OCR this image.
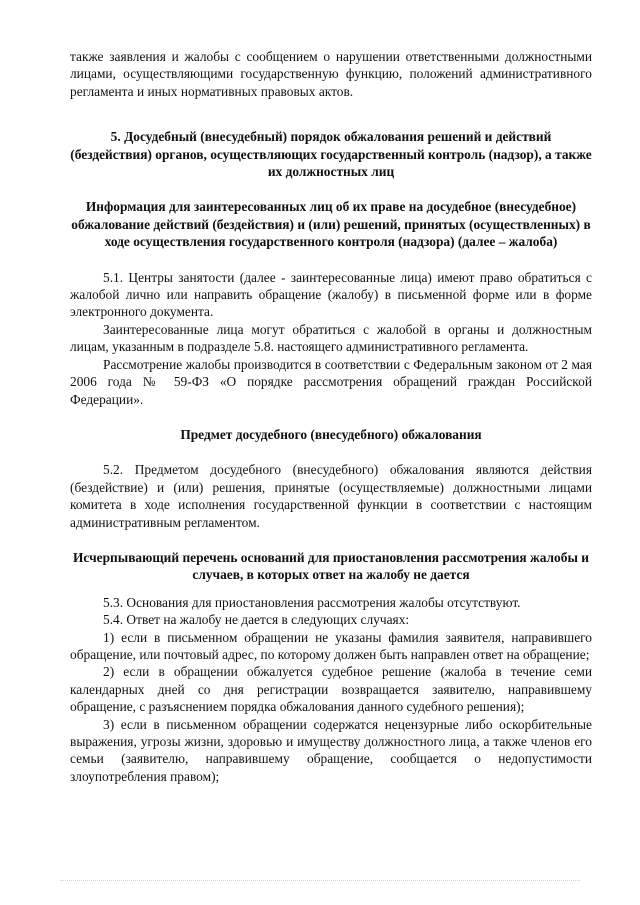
также заявления и жалобы с сообщением о нарушении ответственными должностными лицами, осуществляющими государственную функцию, положений административного регламента и иных нормативных правовых актов.

5. Досудебный (внесудебный) порядок обжалования решений и действий (бездействия) органов, осуществляющих государственный контроль (надзор), а также их должностных лиц

Информация для заинтересованных лиц об их праве на досудебное (внесудебное) обжалование действий (бездействия) и (или) решений, принятых (осуществленных) в ходе осуществления государственного контроля (надзора) (далее – жалоба)

5.1. Центры занятости (далее - заинтересованные лица) имеют право обратиться с жалобой лично или направить обращение (жалобу) в письменной форме или в форме электронного документа.

Заинтересованные лица могут обратиться с жалобой в органы и должностным лицам, указанным в подразделе 5.8. настоящего административного регламента.

Рассмотрение жалобы производится в соответствии с Федеральным законом от 2 мая 2006 года № 59-ФЗ «О порядке рассмотрения обращений граждан Российской Федерации».

Предмет досудебного (внесудебного) обжалования

5.2. Предметом досудебного (внесудебного) обжалования являются действия (бездействие) и (или) решения, принятые (осуществляемые) должностными лицами комитета в ходе исполнения государственной функции в соответствии с настоящим административным регламентом.

Исчерпывающий перечень оснований для приостановления рассмотрения жалобы и случаев, в которых ответ на жалобу не дается

5.3. Основания для приостановления рассмотрения жалобы отсутствуют.

5.4. Ответ на жалобу не дается в следующих случаях:

1) если в письменном обращении не указаны фамилия заявителя, направившего обращение, или почтовый адрес, по которому должен быть направлен ответ на обращение;

2) если в обращении обжалуется судебное решение (жалоба в течение семи календарных дней со дня регистрации возвращается заявителю, направившему обращение, с разъяснением порядка обжалования данного судебного решения);

3) если в письменном обращении содержатся нецензурные либо оскорбительные выражения, угрозы жизни, здоровью и имуществу должностного лица, а также членов его семьи (заявителю, направившему обращение, сообщается о недопустимости злоупотребления правом);
